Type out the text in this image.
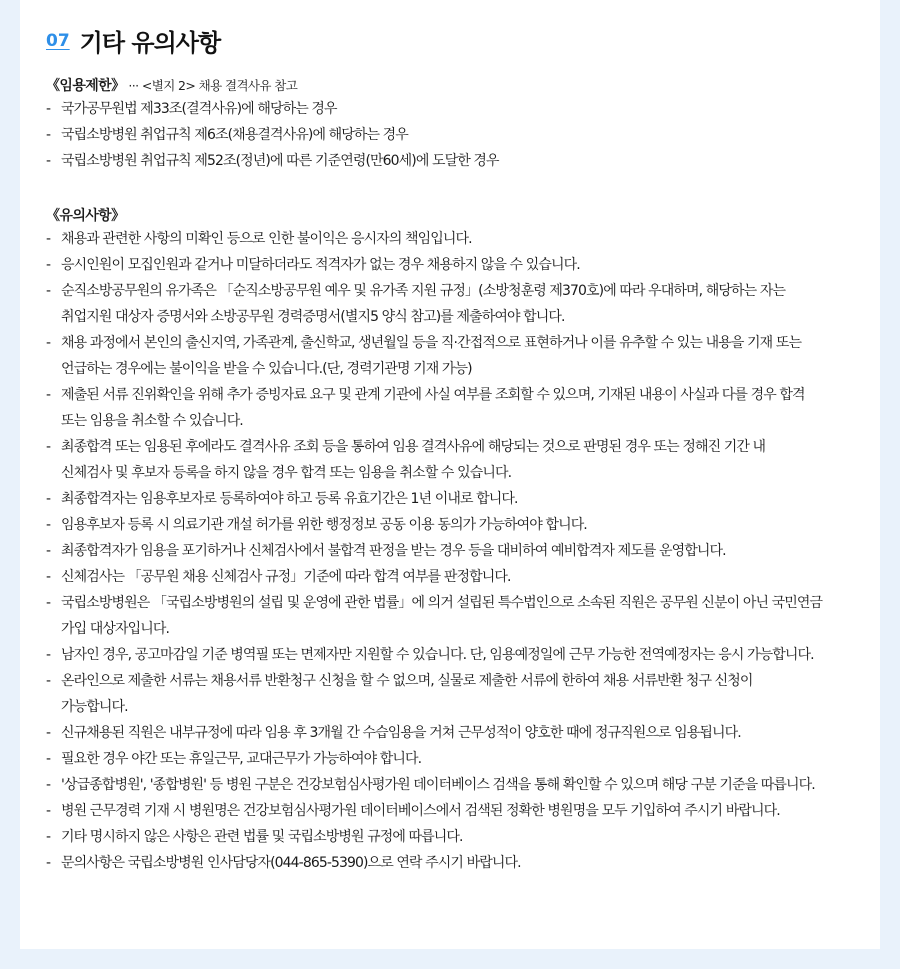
07 기타 유의사항
《임용제한》 ··· <별지 2> 채용 결격사유 참고
- 국가공무원법 제33조(결격사유)에 해당하는 경우
- 국립소방병원 취업규칙 제6조(채용결격사유)에 해당하는 경우
- 국립소방병원 취업규칙 제52조(정년)에 따른 기준연령(만60세)에 도달한 경우
《유의사항》
- 채용과 관련한 사항의 미확인 등으로 인한 불이익은 응시자의 책임입니다.
- 응시인원이 모집인원과 같거나 미달하더라도 적격자가 없는 경우 채용하지 않을 수 있습니다.
- 순직소방공무원의 유가족은 「순직소방공무원 예우 및 유가족 지원 규정」(소방청훈령 제370호)에 따라 우대하며, 해당하는 자는
취업지원 대상자 증명서와 소방공무원 경력증명서(별지5 양식 참고)를 제출하여야 합니다.
- 채용 과정에서 본인의 출신지역, 가족관계, 출신학교, 생년월일 등을 직·간접적으로 표현하거나 이를 유추할 수 있는 내용을 기재 또는
언급하는 경우에는 불이익을 받을 수 있습니다.(단, 경력기관명 기재 가능)
- 제출된 서류 진위확인을 위해 추가 증빙자료 요구 및 관계 기관에 사실 여부를 조회할 수 있으며, 기재된 내용이 사실과 다를 경우 합격
또는 임용을 취소할 수 있습니다.
- 최종합격 또는 임용된 후에라도 결격사유 조회 등을 통하여 임용 결격사유에 해당되는 것으로 판명된 경우 또는 정해진 기간 내
신체검사 및 후보자 등록을 하지 않을 경우 합격 또는 임용을 취소할 수 있습니다.
- 최종합격자는 임용후보자로 등록하여야 하고 등록 유효기간은 1년 이내로 합니다.
- 임용후보자 등록 시 의료기관 개설 허가를 위한 행정정보 공동 이용 동의가 가능하여야 합니다.
- 최종합격자가 임용을 포기하거나 신체검사에서 불합격 판정을 받는 경우 등을 대비하여 예비합격자 제도를 운영합니다.
- 신체검사는 「공무원 채용 신체검사 규정」기준에 따라 합격 여부를 판정합니다.
- 국립소방병원은 「국립소방병원의 설립 및 운영에 관한 법률」에 의거 설립된 특수법인으로 소속된 직원은 공무원 신분이 아닌 국민연금
가입 대상자입니다.
- 남자인 경우, 공고마감일 기준 병역필 또는 면제자만 지원할 수 있습니다. 단, 임용예정일에 근무 가능한 전역예정자는 응시 가능합니다.
- 온라인으로 제출한 서류는 채용서류 반환청구 신청을 할 수 없으며, 실물로 제출한 서류에 한하여 채용 서류반환 청구 신청이
가능합니다.
- 신규채용된 직원은 내부규정에 따라 임용 후 3개월 간 수습임용을 거쳐 근무성적이 양호한 때에 정규직원으로 임용됩니다.
- 필요한 경우 야간 또는 휴일근무, 교대근무가 가능하여야 합니다.
- '상급종합병원', '종합병원' 등 병원 구분은 건강보험심사평가원 데이터베이스 검색을 통해 확인할 수 있으며 해당 구분 기준을 따릅니다.
- 병원 근무경력 기재 시 병원명은 건강보험심사평가원 데이터베이스에서 검색된 정확한 병원명을 모두 기입하여 주시기 바랍니다.
- 기타 명시하지 않은 사항은 관련 법률 및 국립소방병원 규정에 따릅니다.
- 문의사항은 국립소방병원 인사담당자(044-865-5390)으로 연락 주시기 바랍니다.
